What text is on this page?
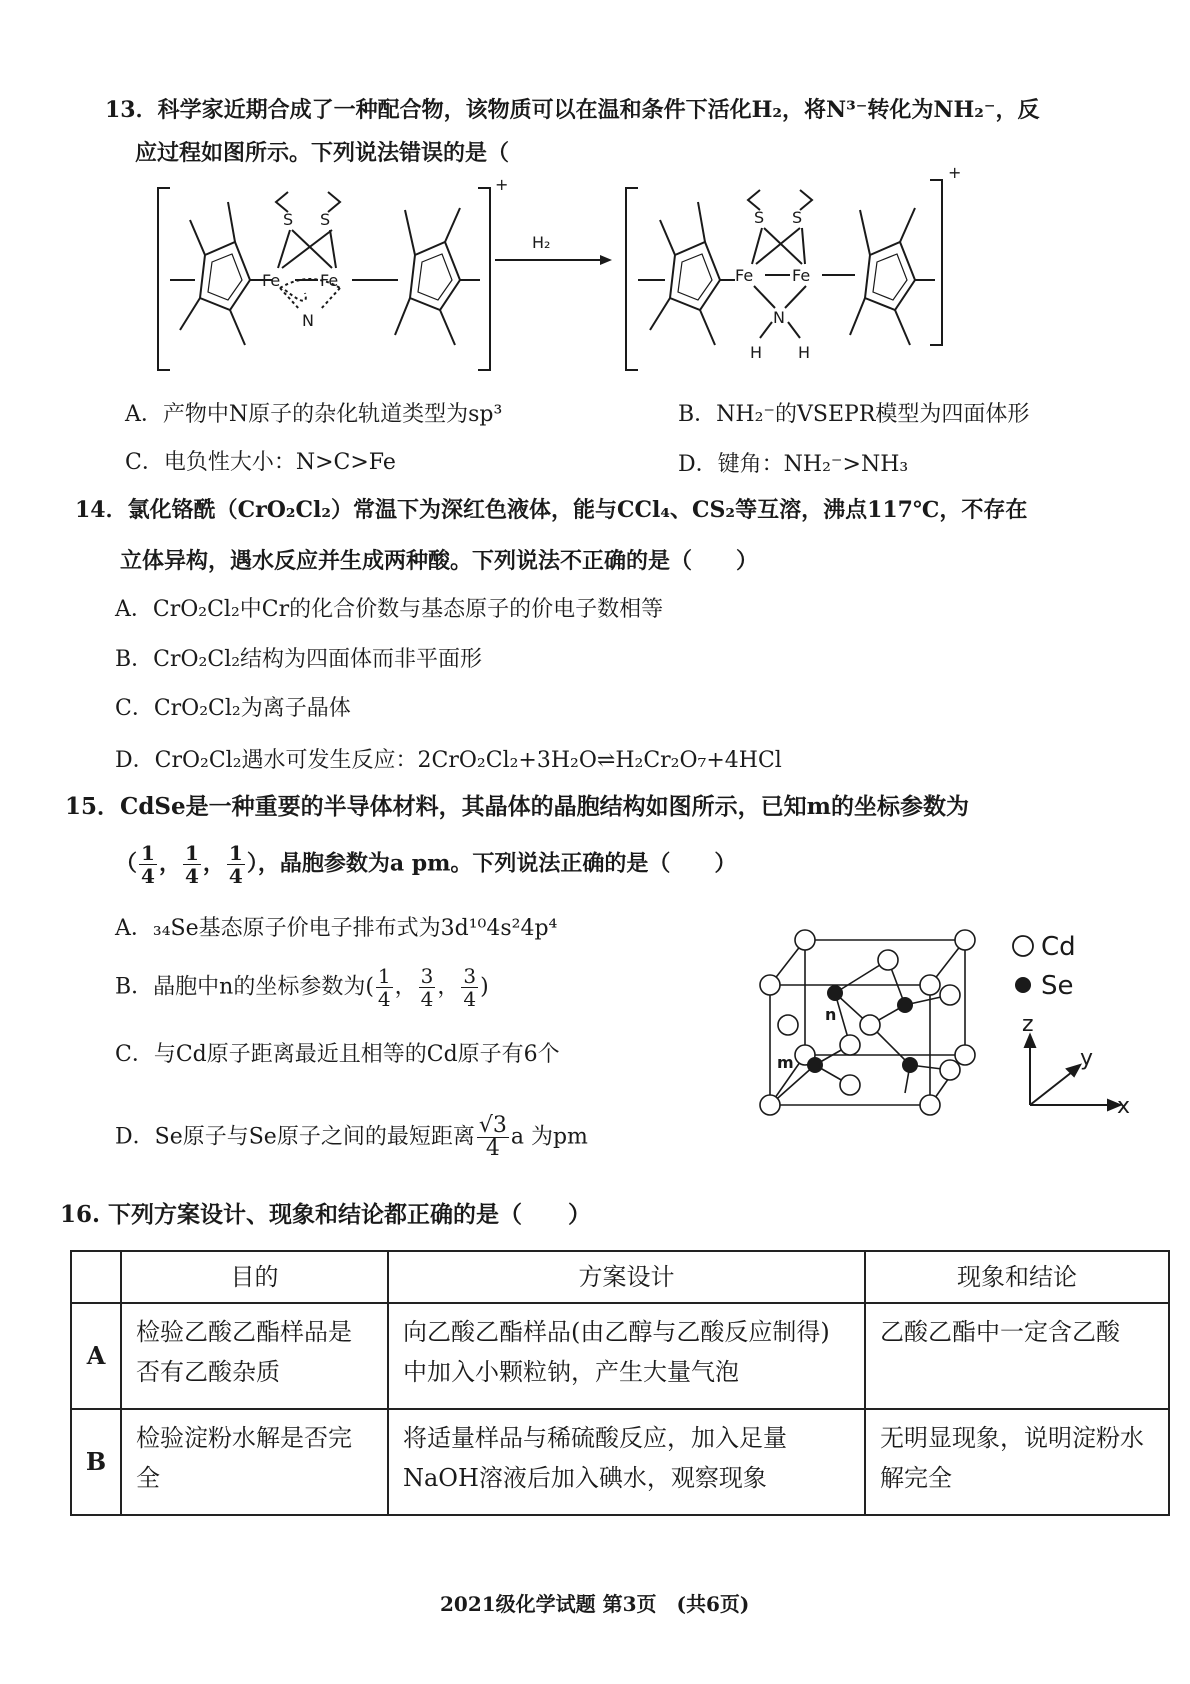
13．科学家近期合成了一种配合物，该物质可以在温和条件下活化H₂，将N³⁻转化为NH₂⁻，反
应过程如图所示。下列说法错误的是（
S S
Fe Fe
N
+
H₂
S S
Fe Fe
N
H H
+
A．产物中N原子的杂化轨道类型为sp³	B．NH₂⁻的VSEPR模型为四面体形
C．电负性大小：N>C>Fe	D．键角：NH₂⁻>NH₃
14．氯化铬酰（CrO₂Cl₂）常温下为深红色液体，能与CCl₄、CS₂等互溶，沸点117℃，不存在
立体异构，遇水反应并生成两种酸。下列说法不正确的是（　　）
A．CrO₂Cl₂中Cr的化合价数与基态原子的价电子数相等
B．CrO₂Cl₂结构为四面体而非平面形
C．CrO₂Cl₂为离子晶体
D．CrO₂Cl₂遇水可发生反应：2CrO₂Cl₂+3H₂O⇌H₂Cr₂O₇+4HCl
15．CdSe是一种重要的半导体材料，其晶体的晶胞结构如图所示，已知m的坐标参数为
（ $\frac{1}{4}$ ， $\frac{1}{4}$ ， $\frac{1}{4}$ ），晶胞参数为a pm。下列说法正确的是（　　）
A．₃₄Se基态原子价电子排布式为3d¹⁰4s²4p⁴
B．晶胞中n的坐标参数为( $\frac{1}{4}$ ， $\frac{3}{4}$ ， $\frac{3}{4}$ )
C．与Cd原子距离最近且相等的Cd原子有6个
D．Se原子与Se原子之间的最短距离 $\frac{√3}{4}$ a 为pm
n
m
Cd
Se
z
y
x
16. 下列方案设计、现象和结论都正确的是（　　）
	目的	方案设计	现象和结论
A	检验乙酸乙酯样品是否有乙酸杂质	向乙酸乙酯样品(由乙醇与乙酸反应制得)中加入小颗粒钠，产生大量气泡	乙酸乙酯中一定含乙酸
B	检验淀粉水解是否完全	将适量样品与稀硫酸反应，加入足量NaOH溶液后加入碘水，观察现象	无明显现象，说明淀粉水解完全
2021级化学试题 第3页　(共6页)
